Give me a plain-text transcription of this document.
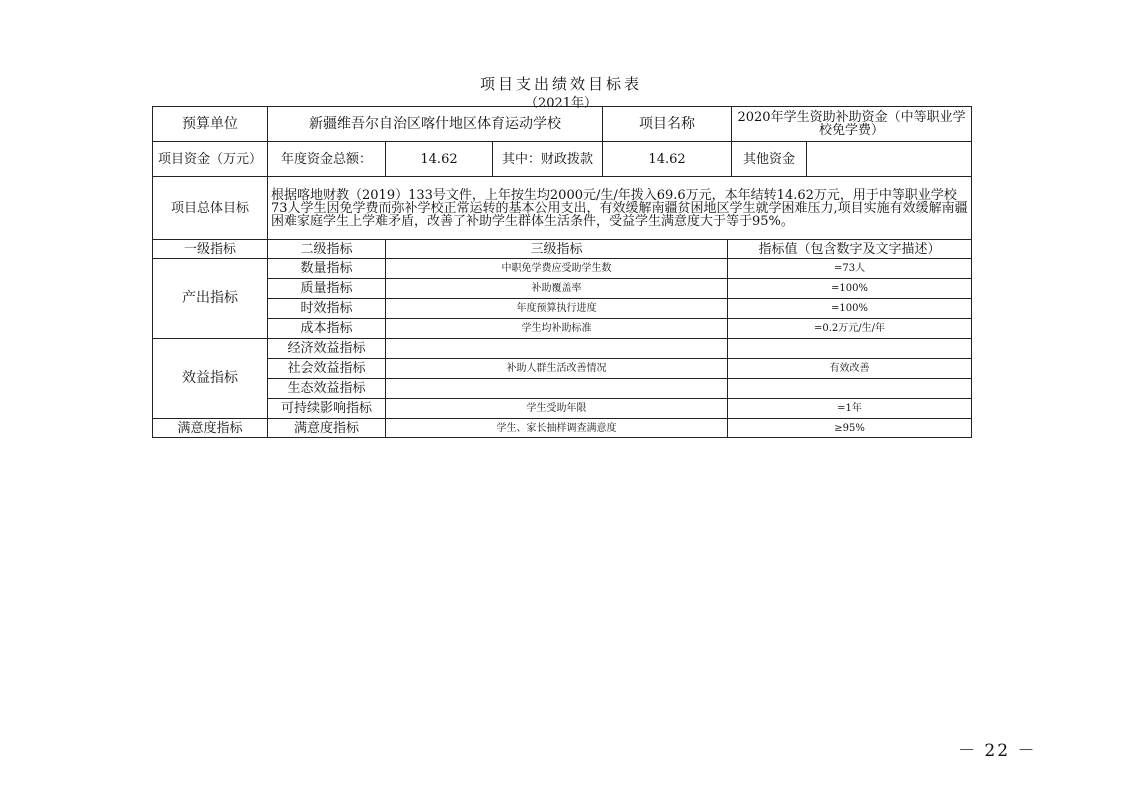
项目支出绩效目标表
（2021年）
预算单位	新疆维吾尔自治区喀什地区体育运动学校			项目名称		2020年学生资助补助资金（中等职业学校免学费）	
项目资金（万元）	年度资金总额：	14.62	其中：财政拨款	14.62		其他资金	
项目总体目标	根据喀地财教（2019）133号文件，上年按生均2000元/生/年拨入69.6万元，本年结转14.62万元，用于中等职业学校73人学生因免学费而弥补学校正常运转的基本公用支出，有效缓解南疆贫困地区学生就学困难压力,项目实施有效缓解南疆困难家庭学生上学难矛盾，改善了补助学生群体生活条件，受益学生满意度大于等于95%。						
一级指标	二级指标	三级指标			指标值（包含数字及文字描述）		
产出指标	数量指标	中职免学费应受助学生数			=73人		
	质量指标	补助覆盖率			=100%		
	时效指标	年度预算执行进度			=100%		
	成本指标	学生均补助标准			=0.2万元/生/年		
效益指标	经济效益指标						
	社会效益指标	补助人群生活改善情况			有效改善		
	生态效益指标						
	可持续影响指标	学生受助年限			=1年		
满意度指标	满意度指标	学生、家长抽样调查满意度			≥95%		
－ 22 －
